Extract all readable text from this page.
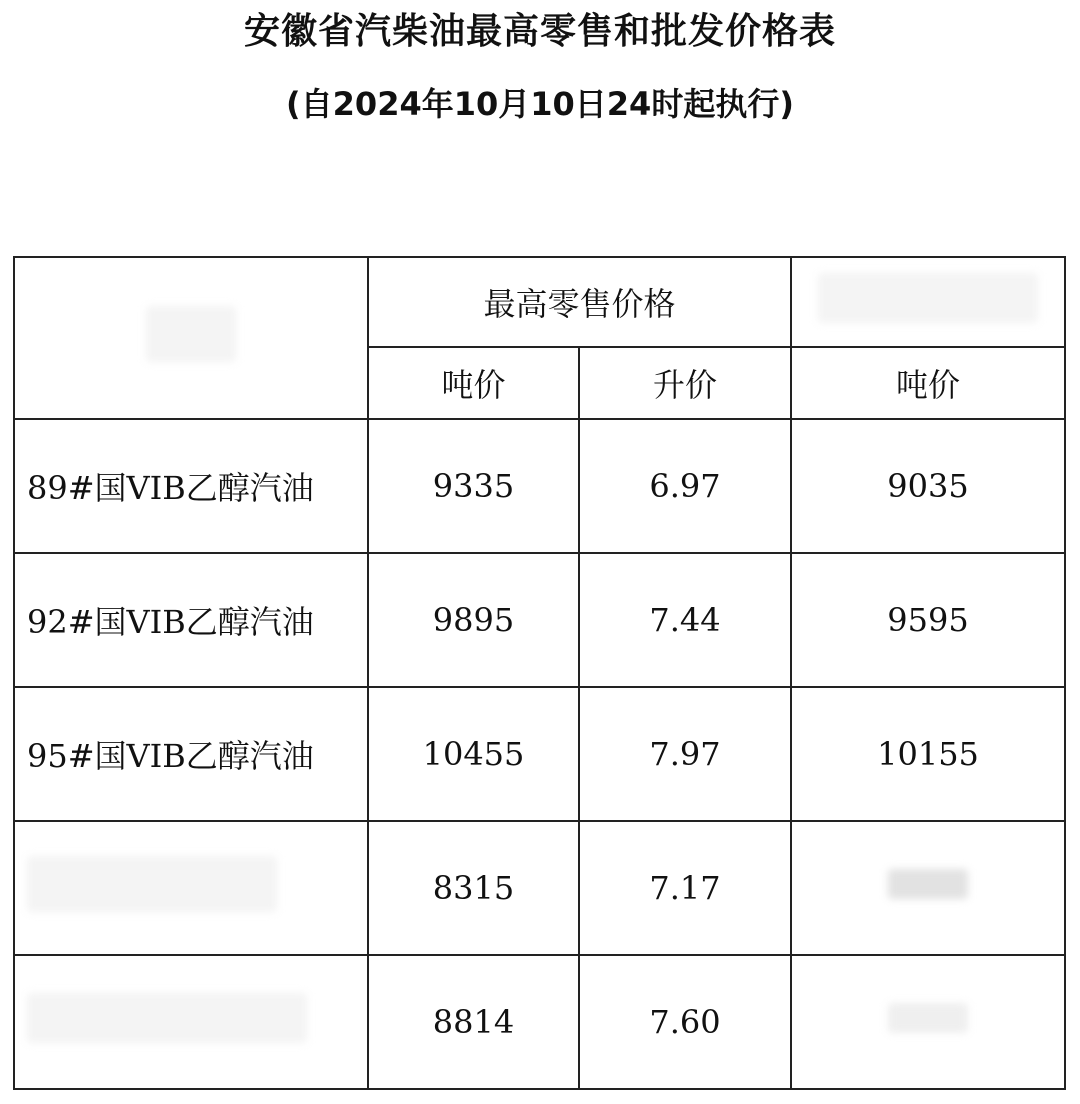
安徽省汽柴油最高零售和批发价格表
(自2024年10月10日24时起执行)
	最高零售价格		
	吨价	升价	吨价
89#国VIB乙醇汽油	9335	6.97	9035
92#国VIB乙醇汽油	9895	7.44	9595
95#国VIB乙醇汽油	10455	7.97	10155
	8315	7.17	
	8814	7.60	
